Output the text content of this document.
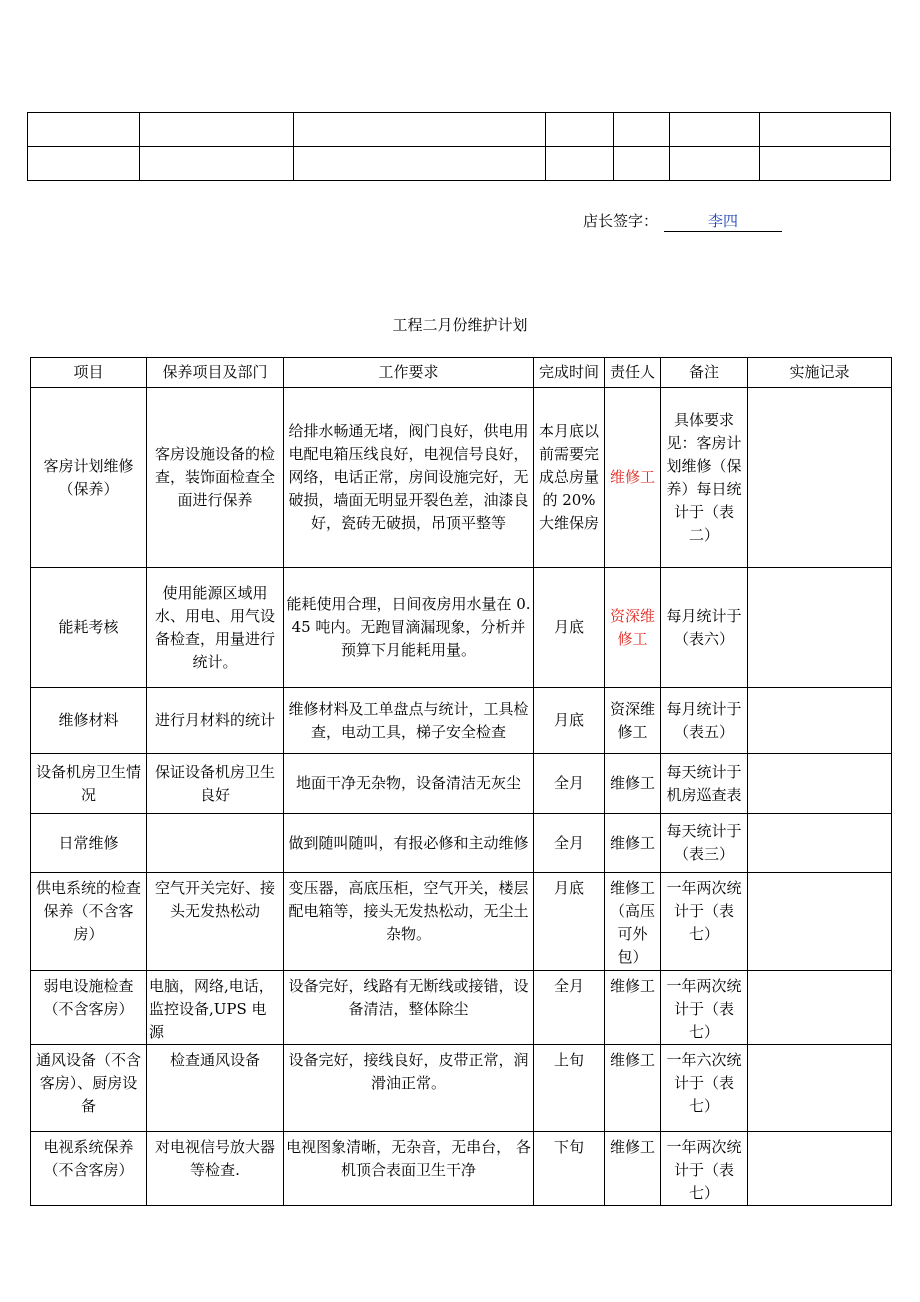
店长签字：	李四
工程二月份维护计划
项目	保养项目及部门	工作要求	完成时间	责任人	备注	实施记录
客房计划维修（保养）	客房设施设备的检查，装饰面检查全面进行保养	给排水畅通无堵，阀门良好，供电用电配电箱压线良好，电视信号良好，网络，电话正常，房间设施完好，无破损，墙面无明显开裂色差，油漆良好，瓷砖无破损，吊顶平整等	本月底以前需要完成总房量的 20%大维保房	维修工	具体要求见：客房计划维修（保养）每日统计于（表二）	
能耗考核	使用能源区域用水、用电、用气设备检查，用量进行统计。	能耗使用合理，日间夜房用水量在 0.45 吨内。无跑冒滴漏现象，分析并预算下月能耗用量。	月底	资深维修工	每月统计于（表六）	
维修材料	进行月材料的统计	维修材料及工单盘点与统计，工具检查，电动工具，梯子安全检查	月底	资深维修工	每月统计于（表五）	
设备机房卫生情况	保证设备机房卫生良好	地面干净无杂物，设备清洁无灰尘	全月	维修工	每天统计于机房巡查表	
日常维修		做到随叫随叫，有报必修和主动维修	全月	维修工	每天统计于（表三）	
供电系统的检查保养（不含客房）	空气开关完好、接头无发热松动	变压器，高底压柜，空气开关，楼层配电箱等，接头无发热松动，无尘土杂物。	月底	维修工（高压可外包）	一年两次统计于（表七）	
弱电设施检查（不含客房）	电脑，网络,电话，监控设备,UPS 电源	设备完好，线路有无断线或接错，设备清洁，整体除尘	全月	维修工	一年两次统计于（表七）	
通风设备（不含客房）、厨房设备	检查通风设备	设备完好，接线良好，皮带正常，润滑油正常。	上旬	维修工	一年六次统计于（表七）	
电视系统保养（不含客房）	对电视信号放大器等检查.	电视图象清晰，无杂音，无串台， 各机顶合表面卫生干净	下旬	维修工	一年两次统计于（表七）	
